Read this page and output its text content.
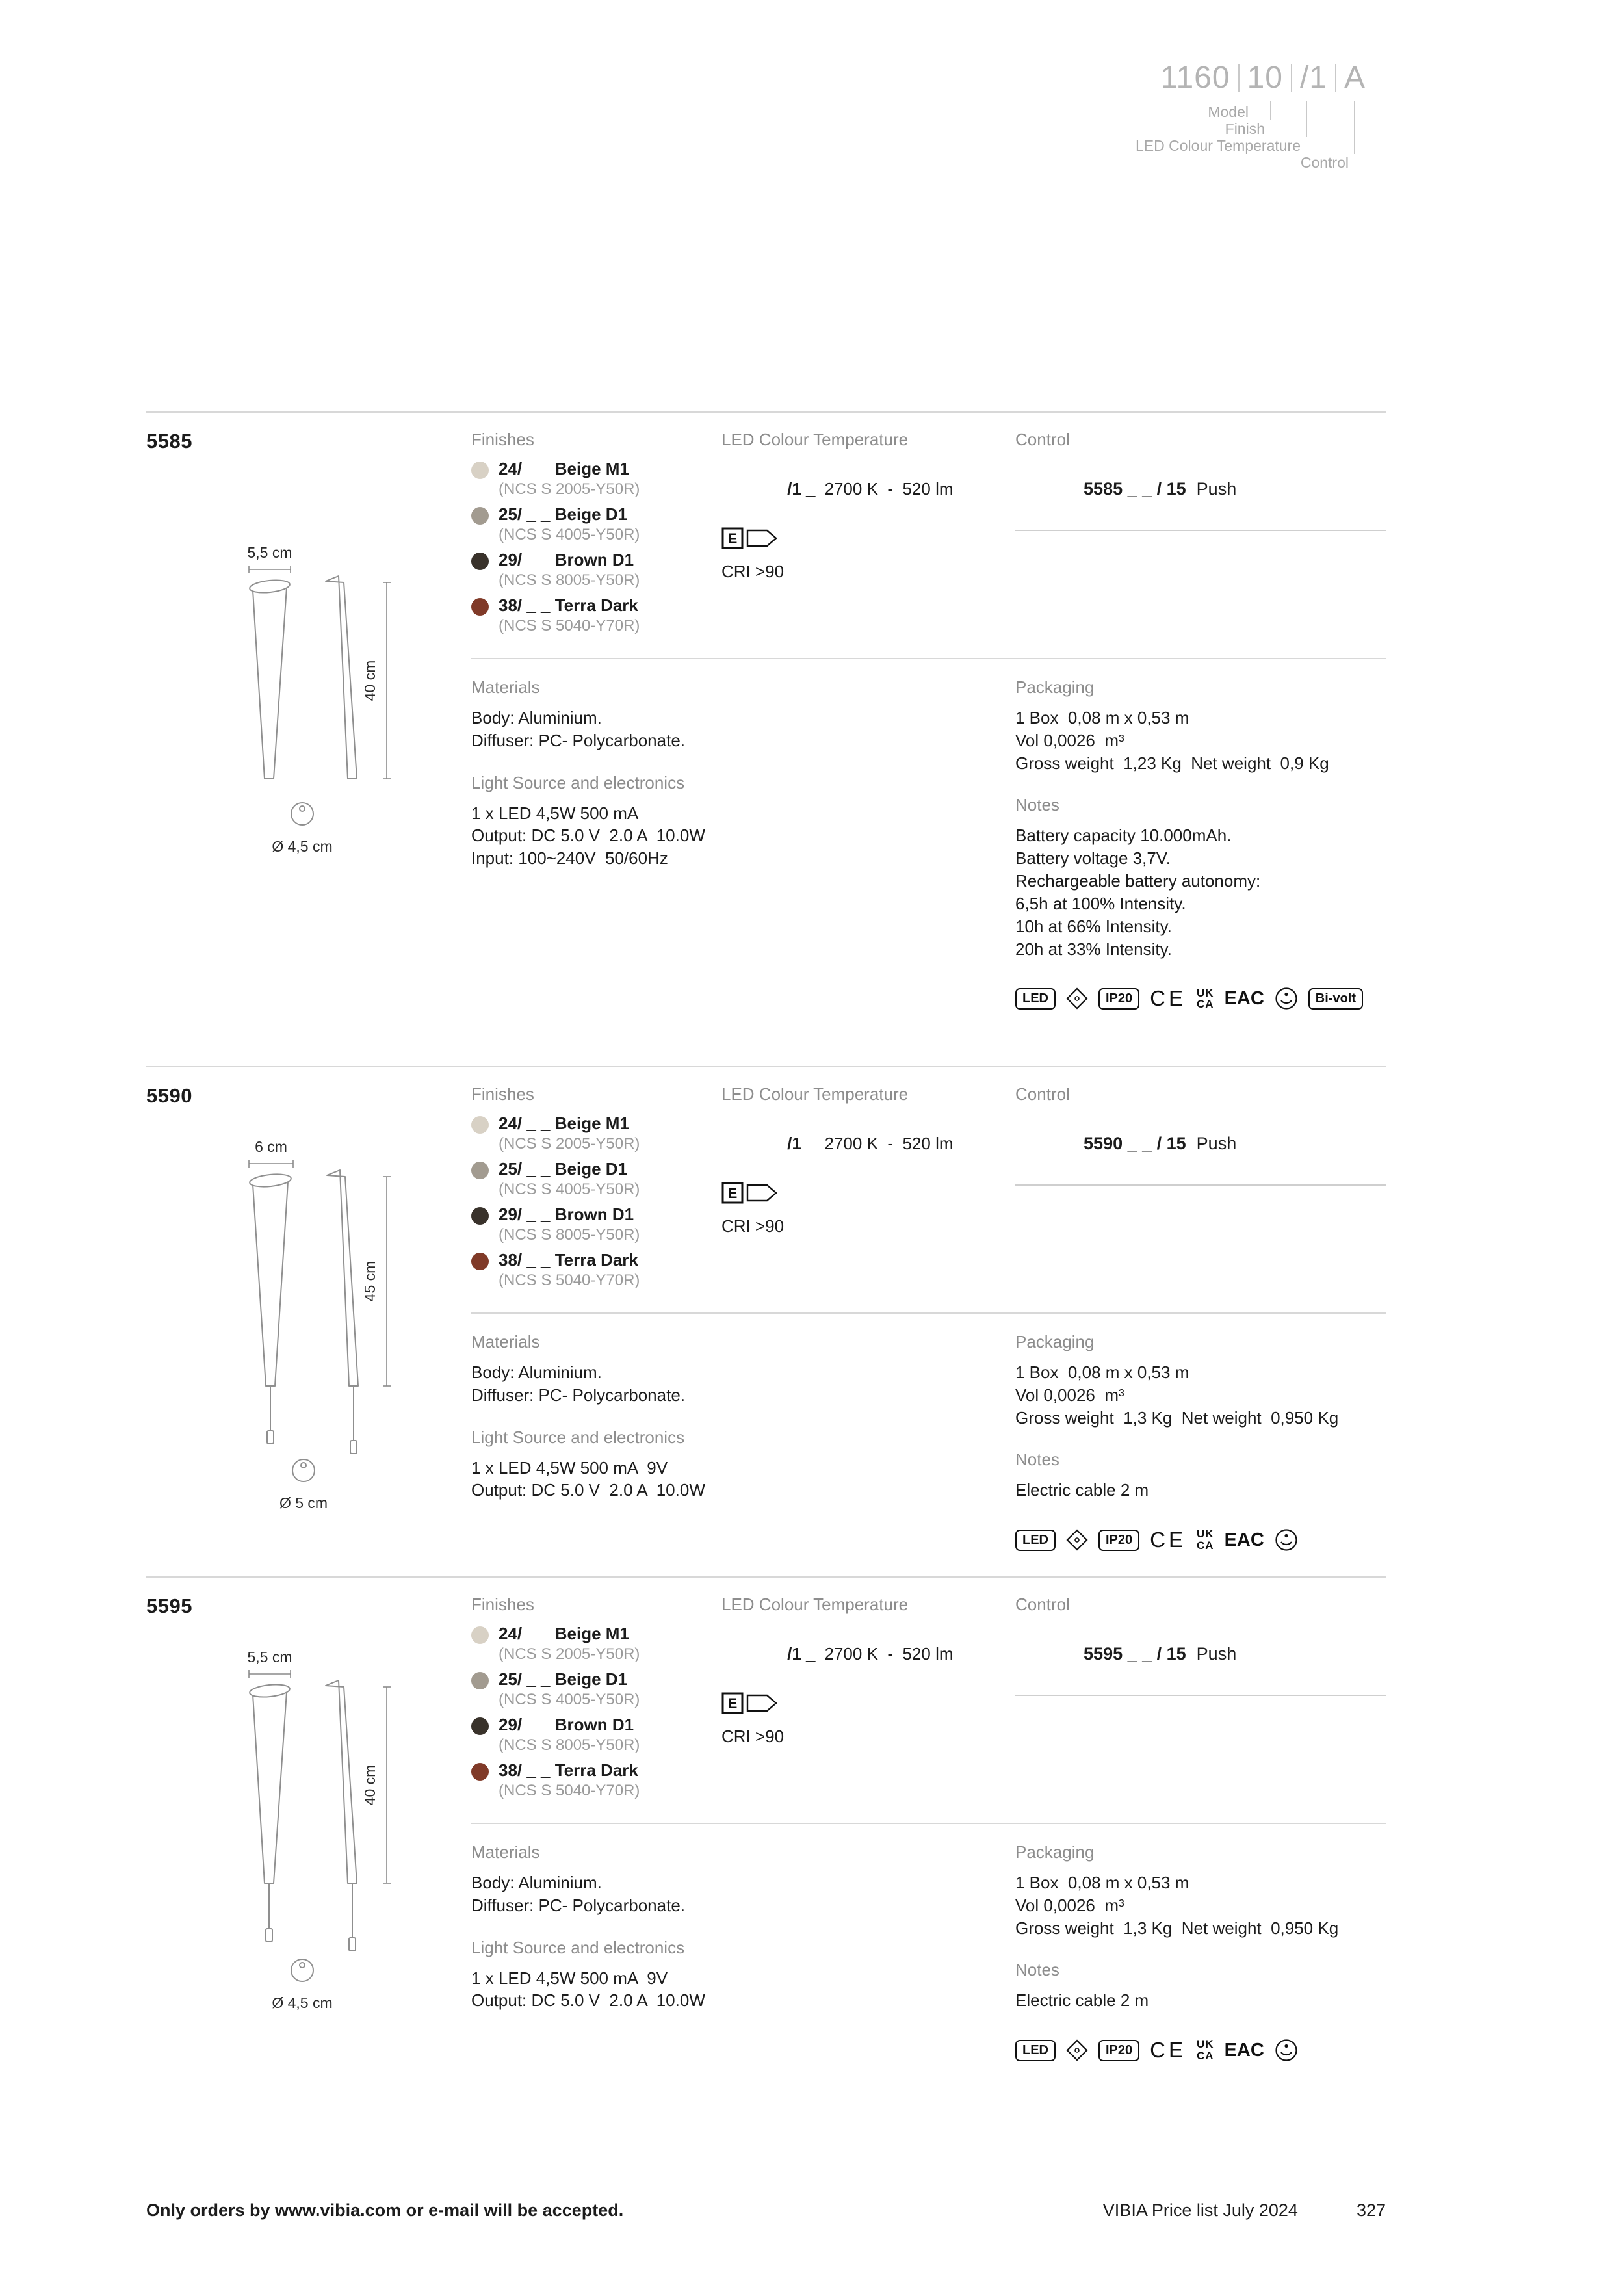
1160 10 /1 A
Model
Finish
LED Colour Temperature
Control
5585
5,5 cm
40 cm
Ø 4,5 cm
Finishes
24/ _ _ Beige M1
(NCS S 2005-Y50R)
25/ _ _ Beige D1
(NCS S 4005-Y50R)
29/ _ _ Brown D1
(NCS S 8005-Y50R)
38/ _ _ Terra Dark
(NCS S 5040-Y70R)
LED Colour Temperature

/1 _ 2700 K  -  520 lm

E
CRI >90
Control

5585 _ _ / 15 Push

Materials
Body: Aluminium.
Diffuser: PC- Polycarbonate.
Light Source and electronics
1 x LED 4,5W 500 mA
Output: DC 5.0 V  2.0 A  10.0W
Input: 100~240V  50/60Hz
Packaging
1 Box  0,08 m x 0,53 m
Vol 0,0026  m³
Gross weight  1,23 Kg  Net weight  0,9 Kg
Notes
Battery capacity 10.000mAh.
Battery voltage 3,7V.
Rechargeable battery autonomy:
6,5h at 100% Intensity.
10h at 66% Intensity.
20h at 33% Intensity.
LED	IP20 CE UK
CA EAC	Bi-volt
5590
6 cm
45 cm
Ø 5 cm
Finishes
24/ _ _ Beige M1
(NCS S 2005-Y50R)
25/ _ _ Beige D1
(NCS S 4005-Y50R)
29/ _ _ Brown D1
(NCS S 8005-Y50R)
38/ _ _ Terra Dark
(NCS S 5040-Y70R)
LED Colour Temperature

/1 _ 2700 K  -  520 lm

E
CRI >90
Control

5590 _ _ / 15 Push

Materials
Body: Aluminium.
Diffuser: PC- Polycarbonate.
Light Source and electronics
1 x LED 4,5W 500 mA  9V
Output: DC 5.0 V  2.0 A  10.0W
Packaging
1 Box  0,08 m x 0,53 m
Vol 0,0026  m³
Gross weight  1,3 Kg  Net weight  0,950 Kg
Notes
Electric cable 2 m
LED	IP20 CE UK
CA EAC
5595
5,5 cm
40 cm
Ø 4,5 cm
Finishes
24/ _ _ Beige M1
(NCS S 2005-Y50R)
25/ _ _ Beige D1
(NCS S 4005-Y50R)
29/ _ _ Brown D1
(NCS S 8005-Y50R)
38/ _ _ Terra Dark
(NCS S 5040-Y70R)
LED Colour Temperature

/1 _ 2700 K  -  520 lm

E
CRI >90
Control

5595 _ _ / 15 Push

Materials
Body: Aluminium.
Diffuser: PC- Polycarbonate.
Light Source and electronics
1 x LED 4,5W 500 mA  9V
Output: DC 5.0 V  2.0 A  10.0W
Packaging
1 Box  0,08 m x 0,53 m
Vol 0,0026  m³
Gross weight  1,3 Kg  Net weight  0,950 Kg
Notes
Electric cable 2 m
LED	IP20 CE UK
CA EAC
Only orders by www.vibia.com or e-mail will be accepted.	VIBIA Price list July 2024	327
